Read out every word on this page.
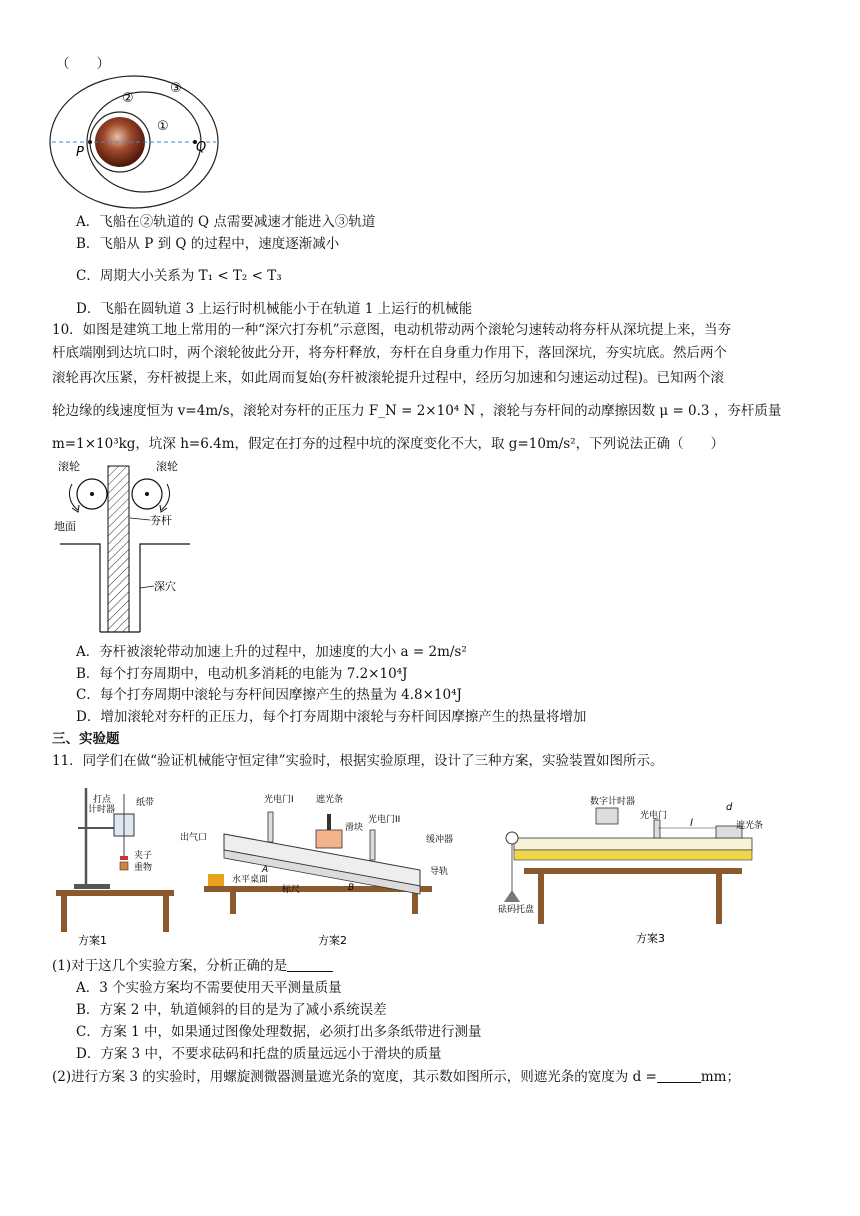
（　　）
①
②
③
P	Q
A．飞船在②轨道的 Q 点需要减速才能进入③轨道
B．飞船从 P 到 Q 的过程中，速度逐渐减小
C．周期大小关系为 T₁ < T₂ < T₃
D．飞船在圆轨道 3 上运行时机械能小于在轨道 1 上运行的机械能
10．如图是建筑工地上常用的一种“深穴打夯机”示意图，电动机带动两个滚轮匀速转动将夯杆从深坑提上来，当夯
杆底端刚到达坑口时，两个滚轮彼此分开，将夯杆释放，夯杆在自身重力作用下，落回深坑，夯实坑底。然后两个
滚轮再次压紧，夯杆被提上来，如此周而复始(夯杆被滚轮提升过程中，经历匀加速和匀速运动过程)。已知两个滚
轮边缘的线速度恒为 v=4m/s，滚轮对夯杆的正压力 F_N = 2×10⁴ N ，滚轮与夯杆间的动摩擦因数 μ = 0.3 ，夯杆质量
m=1×10³kg，坑深 h=6.4m，假定在打夯的过程中坑的深度变化不大，取 g=10m/s²，下列说法正确（　　）
滚轮	滚轮
地面	夯杆
深穴
A．夯杆被滚轮带动加速上升的过程中，加速度的大小 a = 2m/s²
B．每个打夯周期中，电动机多消耗的电能为 7.2×10⁴J
C．每个打夯周期中滚轮与夯杆间因摩擦产生的热量为 4.8×10⁴J
D．增加滚轮对夯杆的正压力，每个打夯周期中滚轮与夯杆间因摩擦产生的热量将增加
三、实验题
11．同学们在做“验证机械能守恒定律”实验时，根据实验原理，设计了三种方案，实验装置如图所示。
打点
计时器
纸带
夹子
重物
方案1
光电门I 遮光条
光电门II
出气口
滑块
缓冲器
导轨
A
B
水平桌面
标尺
方案2
数字计时器
光电门
d
l	遮光条
砝码托盘
方案3
(1)对于这几个实验方案，分析正确的是
A．3 个实验方案均不需要使用天平测量质量
B．方案 2 中，轨道倾斜的目的是为了减小系统误差
C．方案 1 中，如果通过图像处理数据，必须打出多条纸带进行测量
D．方案 3 中，不要求砝码和托盘的质量远远小于滑块的质量
(2)进行方案 3 的实验时，用螺旋测微器测量遮光条的宽度，其示数如图所示，则遮光条的宽度为 d =	mm；
